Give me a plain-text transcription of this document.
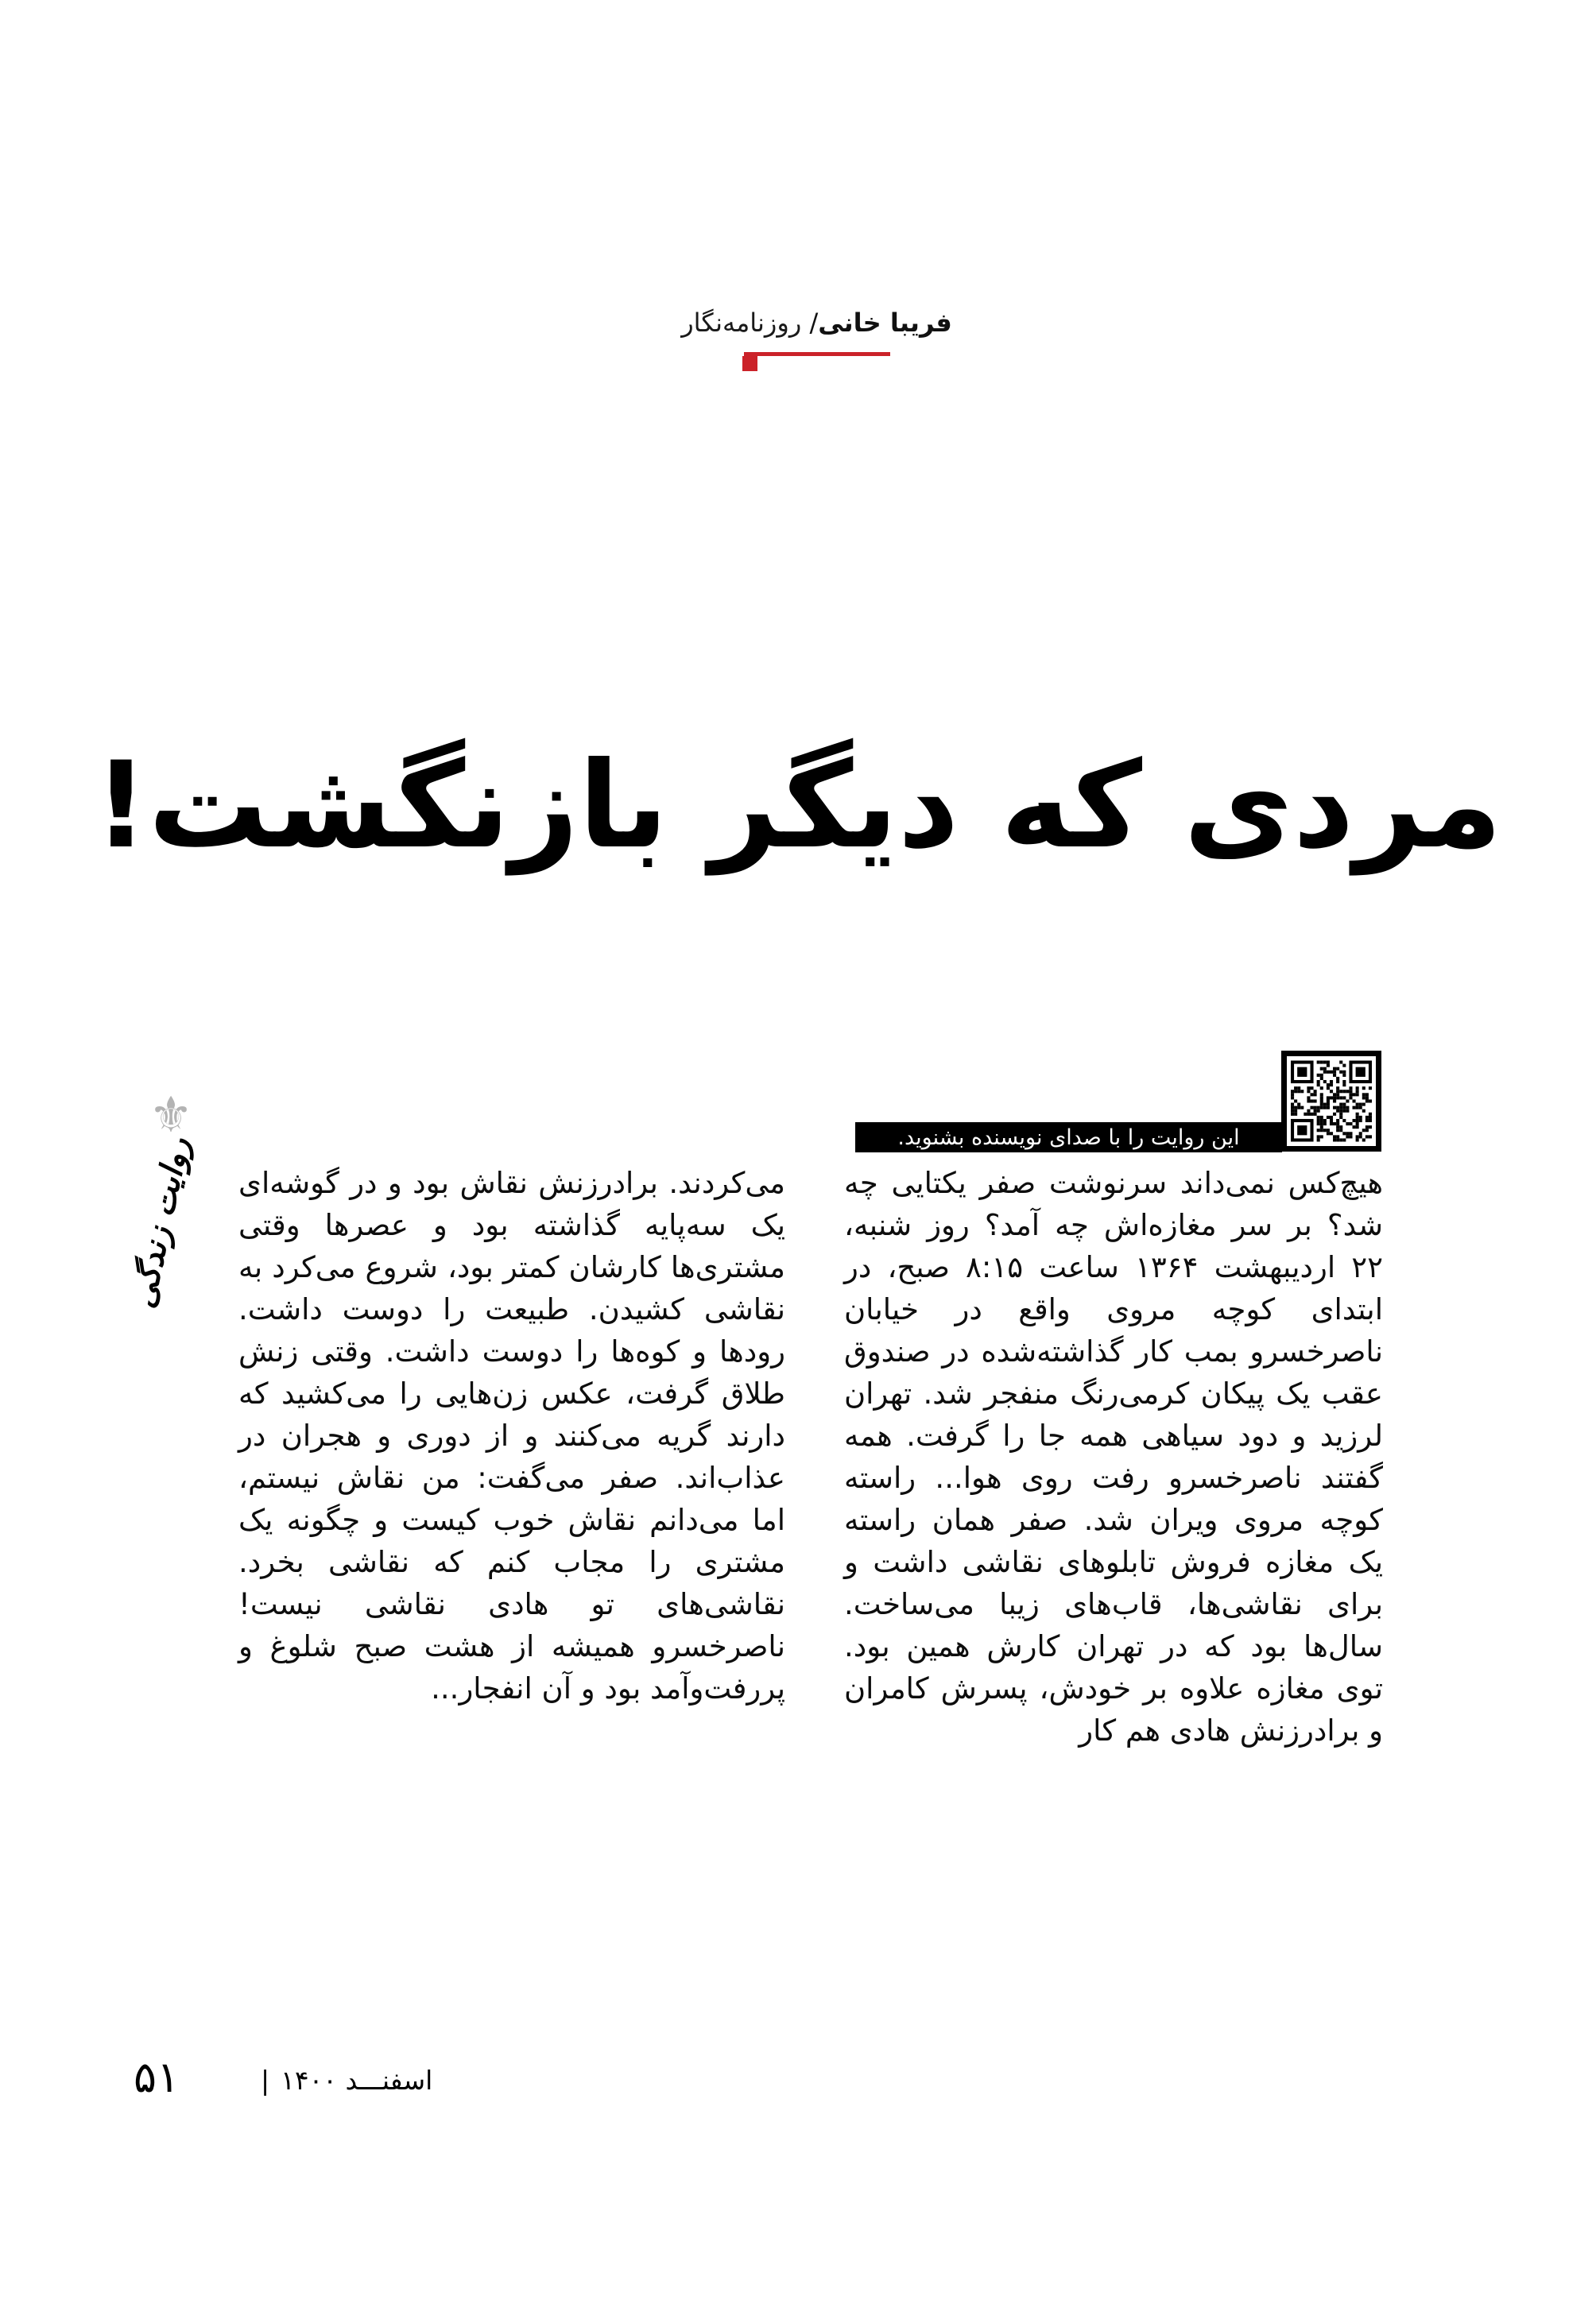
فریبا خانی/ روزنامه‌نگار
مردی که دیگر بازنگشت!
این روایت را با صدای نویسنده بشنوید.
هیچ‌کس نمی‌داند سرنوشت صفر یکتایی چه شد؟ بر سر مغازه‌اش چه آمد؟ روز شنبه، ۲۲ اردیبهشت ۱۳۶۴ ساعت ۸:۱۵ صبح، در ابتدای کوچه مروی واقع در خیابان ناصرخسرو بمب کار گذاشته‌شده در صندوق عقب یک پیکان کرمی‌رنگ منفجر شد. تهران لرزید و دود سیاهی همه جا را گرفت. همه گفتند ناصرخسرو رفت روی هوا... راسته کوچه مروی ویران شد. صفر همان راسته یک مغازه فروش تابلوهای نقاشی داشت و برای نقاشی‌ها، قاب‌های زیبا می‌ساخت. سال‌ها بود که در تهران کارش همین بود. توی مغازه علاوه بر خودش، پسرش کامران و برادرزنش هادی هم کار
می‌کردند. برادرزنش نقاش بود و در گوشه‌ای یک سه‌پایه گذاشته بود و عصرها وقتی مشتری‌ها کارشان کمتر بود، شروع می‌کرد به نقاشی کشیدن. طبیعت را دوست داشت. رودها و کوه‌ها را دوست داشت. وقتی زنش طلاق گرفت، عکس زن‌هایی را می‌کشید که دارند گریه می‌کنند و از دوری و هجران در عذاب‌اند. صفر می‌گفت: من نقاش نیستم، اما می‌دانم نقاش خوب کیست و چگونه یک مشتری را مجاب کنم که نقاشی بخرد. نقاشی‌های تو هادی نقاشی نیست! ناصرخسرو همیشه از هشت صبح شلوغ و پررفت‌وآمد بود و آن انفجار...
⚜
روایت زندگی
۵۱	اسفنـــد ۱۴۰۰|
